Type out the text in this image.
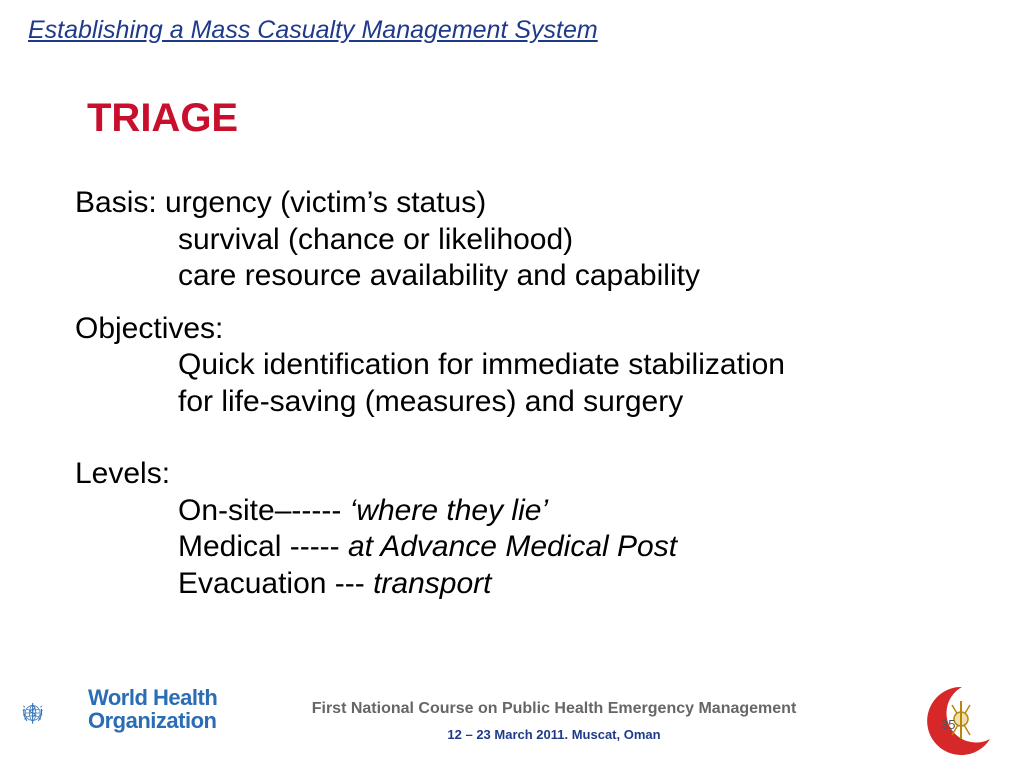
Establishing a Mass Casualty Management System
TRIAGE
Basis: urgency (victim’s status)
survival (chance or likelihood)
care resource availability and capability
Objectives:
Quick identification for immediate stabilization
for life-saving (measures) and surgery
Levels:
On-site–----- ‘where they lie’
Medical ----- at Advance Medical Post
Evacuation --- transport
World Health
Organization	First National Course on Public Health Emergency Management
12 – 23 March 2011. Muscat, Oman
35
